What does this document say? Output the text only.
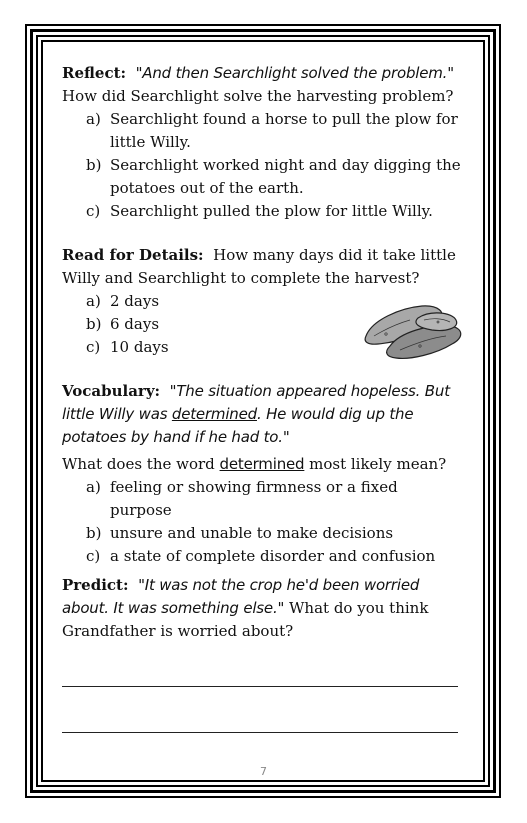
Reflect: "And then Searchlight solved the problem."
How did Searchlight solve the harvesting problem?
a) Searchlight found a horse to pull the plow for
little Willy.
b) Searchlight worked night and day digging the
potatoes out of the earth.
c) Searchlight pulled the plow for little Willy.
Read for Details: How many days did it take little
Willy and Searchlight to complete the harvest?
a) 2 days
b) 6 days
c) 10 days
Vocabulary: "The situation appeared hopeless. But
little Willy was determined. He would dig up the
potatoes by hand if he had to."
What does the word determined most likely mean?
a) feeling or showing firmness or a fixed purpose
b) unsure and unable to make decisions
c) a state of complete disorder and confusion
Predict: "It was not the crop he'd been worried
about. It was something else." What do you think
Grandfather is worried about?
7
